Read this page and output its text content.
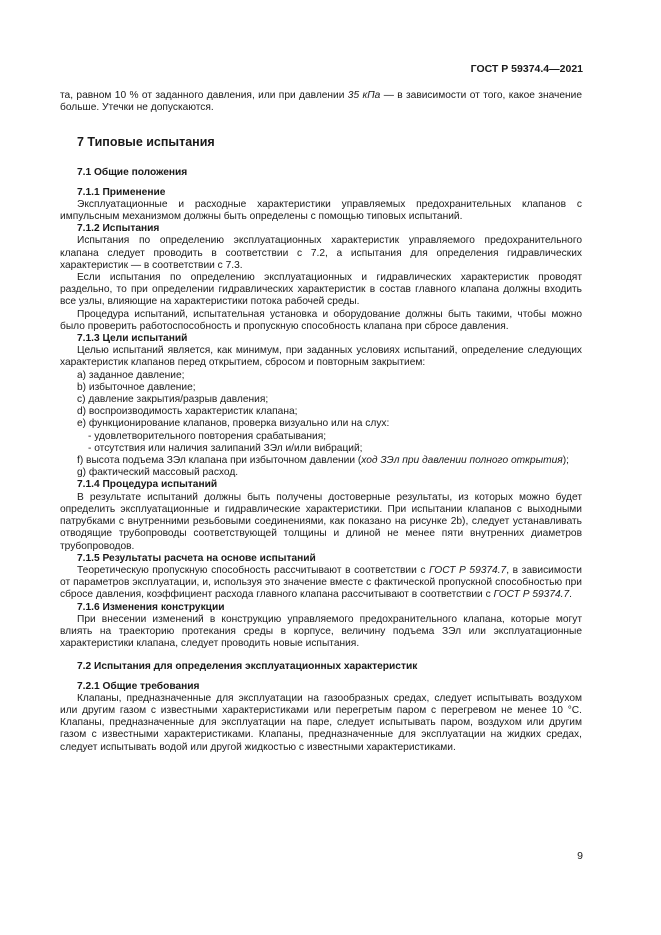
ГОСТ Р 59374.4—2021

та, равном 10 % от заданного давления, или при давлении 35 кПа — в зависимости от того, какое значение больше. Утечки не допускаются.

7 Типовые испытания
7.1 Общие положения
7.1.1 Применение

Эксплуатационные и расходные характеристики управляемых предохранительных клапанов с импульсным механизмом должны быть определены с помощью типовых испытаний.

7.1.2 Испытания

Испытания по определению эксплуатационных характеристик управляемого предохранительного клапана следует проводить в соответствии с 7.2, а испытания для определения гидравлических характеристик — в соответствии с 7.3.

Если испытания по определению эксплуатационных и гидравлических характеристик проводят раздельно, то при определении гидравлических характеристик в состав главного клапана должны входить все узлы, влияющие на характеристики потока рабочей среды.

Процедура испытаний, испытательная установка и оборудование должны быть такими, чтобы можно было проверить работоспособность и пропускную способность клапана при сбросе давления.

7.1.3 Цели испытаний

Целью испытаний является, как минимум, при заданных условиях испытаний, определение следующих характеристик клапанов перед открытием, сбросом и повторным закрытием:

a) заданное давление;
b) избыточное давление;
c) давление закрытия/разрыв давления;
d) воспроизводимость характеристик клапана;
e) функционирование клапанов, проверка визуально или на слух:
- удовлетворительного повторения срабатывания;
- отсутствия или наличия залипаний ЗЭл и/или вибраций;

f) высота подъема ЗЭл клапана при избыточном давлении (ход ЗЭл при давлении полного открытия);

g) фактический массовый расход.
7.1.4 Процедура испытаний

В результате испытаний должны быть получены достоверные результаты, из которых можно будет определить эксплуатационные и гидравлические характеристики. При испытании клапанов с выходными патрубками с внутренними резьбовыми соединениями, как показано на рисунке 2b), следует устанавливать отводящие трубопроводы соответствующей толщины и длиной не менее пяти внутренних диаметров трубопроводов.

7.1.5 Результаты расчета на основе испытаний

Теоретическую пропускную способность рассчитывают в соответствии с ГОСТ Р 59374.7, в зависимости от параметров эксплуатации, и, используя это значение вместе с фактической пропускной способностью при сбросе давления, коэффициент расхода главного клапана рассчитывают в соответствии с ГОСТ Р 59374.7.

7.1.6 Изменения конструкции

При внесении изменений в конструкцию управляемого предохранительного клапана, которые могут влиять на траекторию протекания среды в корпусе, величину подъема ЗЭл или эксплуатационные характеристики клапана, следует проводить новые испытания.

7.2 Испытания для определения эксплуатационных характеристик
7.2.1 Общие требования

Клапаны, предназначенные для эксплуатации на газообразных средах, следует испытывать воздухом или другим газом с известными характеристиками или перегретым паром с перегревом не менее 10 °С. Клапаны, предназначенные для эксплуатации на паре, следует испытывать паром, воздухом или другим газом с известными характеристиками. Клапаны, предназначенные для эксплуатации на жидких средах, следует испытывать водой или другой жидкостью с известными характеристиками.

9
